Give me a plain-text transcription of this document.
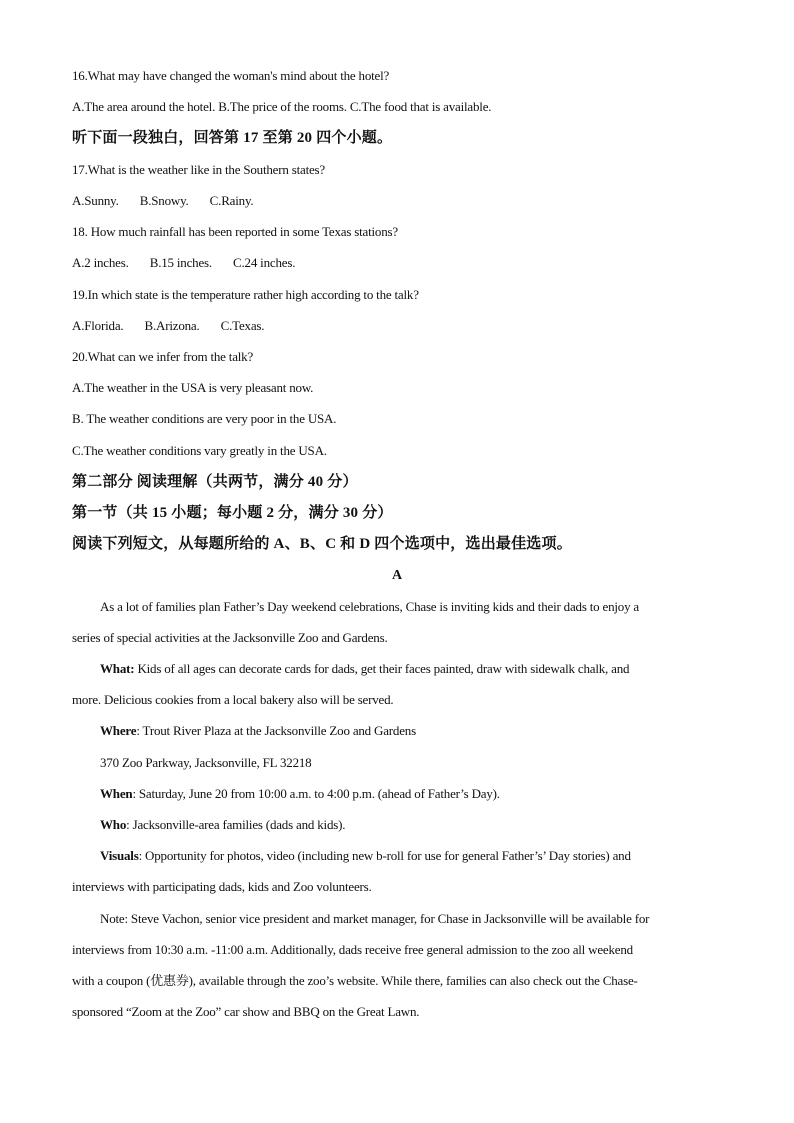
16.What may have changed the woman's mind about the hotel?
A.The area around the hotel. B.The price of the rooms. C.The food that is available.
听下面一段独白，回答第 17 至第 20 四个小题。
17.What is the weather like in the Southern states?
A.Sunny. B.Snowy. C.Rainy.
18. How much rainfall has been reported in some Texas stations?
A.2 inches. B.15 inches. C.24 inches.
19.In which state is the temperature rather high according to the talk?
A.Florida. B.Arizona. C.Texas.
20.What can we infer from the talk?
A.The weather in the USA is very pleasant now.
B. The weather conditions are very poor in the USA.
C.The weather conditions vary greatly in the USA.
第二部分 阅读理解（共两节，满分 40 分）
第一节（共 15 小题；每小题 2 分，满分 30 分）
阅读下列短文，从每题所给的 A、B、C 和 D 四个选项中，选出最佳选项。
A
As a lot of families plan Father’s Day weekend celebrations, Chase is inviting kids and their dads to enjoy a
series of special activities at the Jacksonville Zoo and Gardens.
What: Kids of all ages can decorate cards for dads, get their faces painted, draw with sidewalk chalk, and
more. Delicious cookies from a local bakery also will be served.
Where: Trout River Plaza at the Jacksonville Zoo and Gardens
370 Zoo Parkway, Jacksonville, FL 32218
When: Saturday, June 20 from 10:00 a.m. to 4:00 p.m. (ahead of Father’s Day).
Who: Jacksonville-area families (dads and kids).
Visuals: Opportunity for photos, video (including new b-roll for use for general Father’s’ Day stories) and
interviews with participating dads, kids and Zoo volunteers.
Note: Steve Vachon, senior vice president and market manager, for Chase in Jacksonville will be available for
interviews from 10:30 a.m. -11:00 a.m. Additionally, dads receive free general admission to the zoo all weekend
with a coupon (优惠券), available through the zoo’s website. While there, families can also check out the Chase-
sponsored “Zoom at the Zoo” car show and BBQ on the Great Lawn.
